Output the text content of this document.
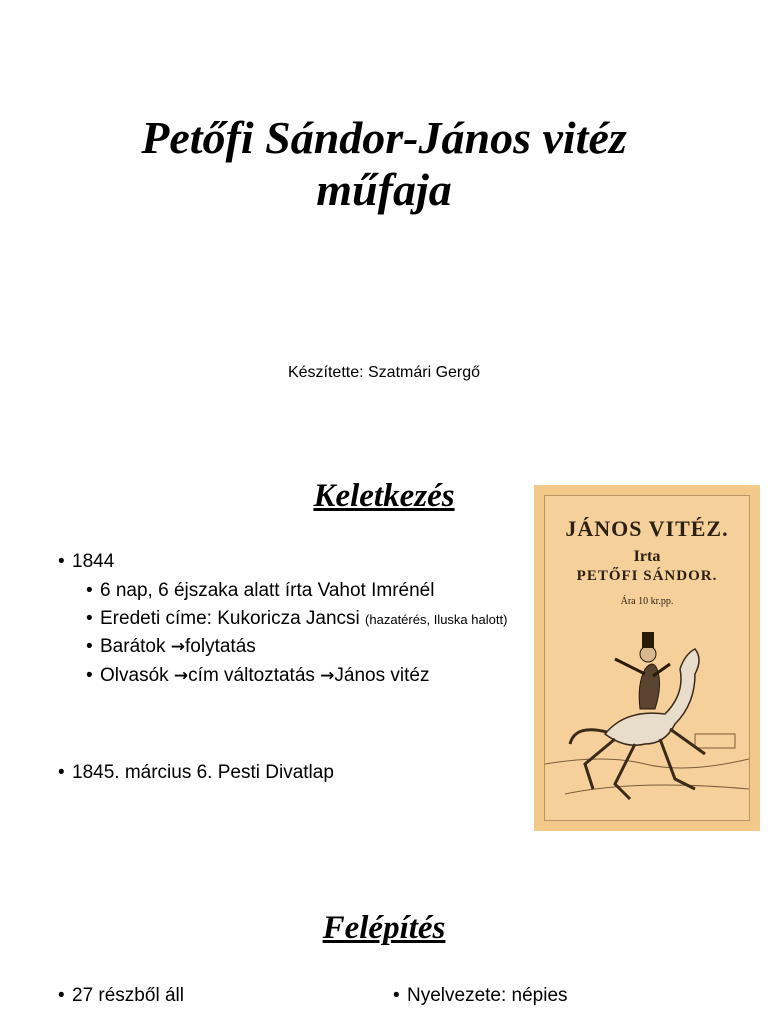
Petőfi Sándor-János vitéz
műfaja
Készítette: Szatmári Gergő
Keletkezés
• 1844
• 6 nap, 6 éjszaka alatt írta Vahot Imrénél
• Eredeti címe: Kukoricza Jancsi (hazatérés, Iluska halott)
• Barátok →folytatás
• Olvasók →cím változtatás →János vitéz
• 1845. március 6. Pesti Divatlap
JÁNOS VITÉZ.
Irta
PETŐFI SÁNDOR.
Ára 10 kr.pp.
Felépítés
• 27 részből áll	• Nyelvezete: népies
